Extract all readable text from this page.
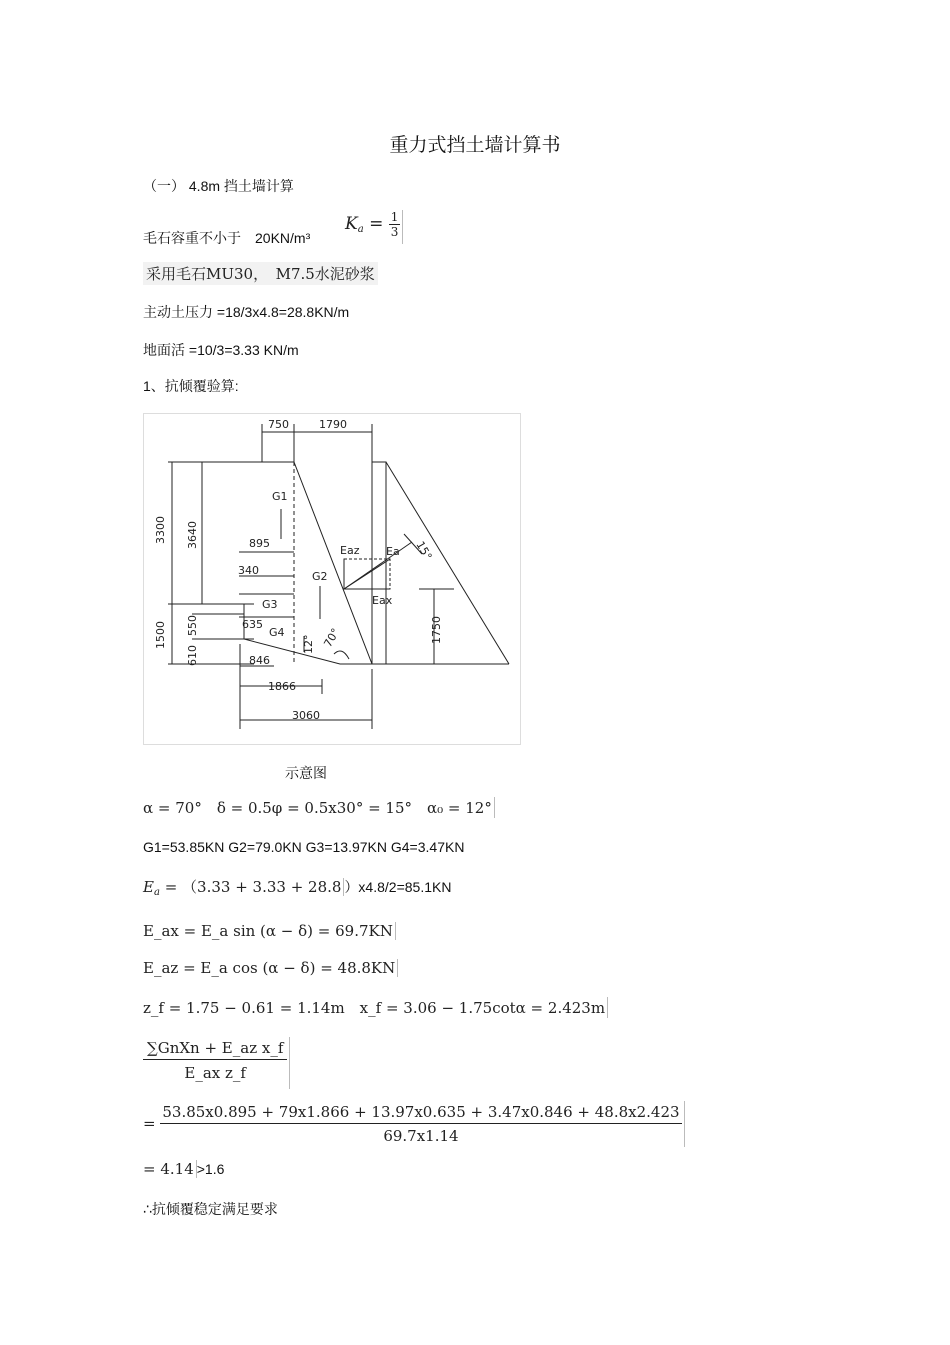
重力式挡土墙计算书
（一） 4.8m 挡土墙计算
毛石容重不小于　20KN/m³
$K_a = \frac{1}{3}$
采用毛石MU30，　M7.5水泥砂浆
主动土压力 =18/3x4.8=28.8KN/m
地面活 =10/3=3.33 KN/m
1、抗倾覆验算:
750	1790
3300 3640	895
340
1500
610
550	635
846
1866
3060
1750
G1
G2
G3
G4
Eaz Ea
Eax
70°
15°
12°
示意图
α = 70°　δ = 0.5φ = 0.5x30° = 15°　α₀ = 12°
G1=53.85KN G2=79.0KN G3=13.97KN G4=3.47KN
$E_a = (3.33 + 3.33 + 28.8$ ）x4.8/2=85.1KN
E_ax = E_a sin (α − δ) = 69.7KN
E_az = E_a cos (α − δ) = 48.8KN
z_f = 1.75 − 0.61 = 1.14m　x_f = 3.06 − 1.75cotα = 2.423m
$\frac{\text{∑GnXn + E\_az x\_f}}{\text{E\_ax z\_f}}$
=
53.85x0.895 + 79x1.866 + 13.97x0.635 + 3.47x0.846 + 48.8x2.423
69.7x1.14
= 4.14 >1.6
∴抗倾覆稳定满足要求
